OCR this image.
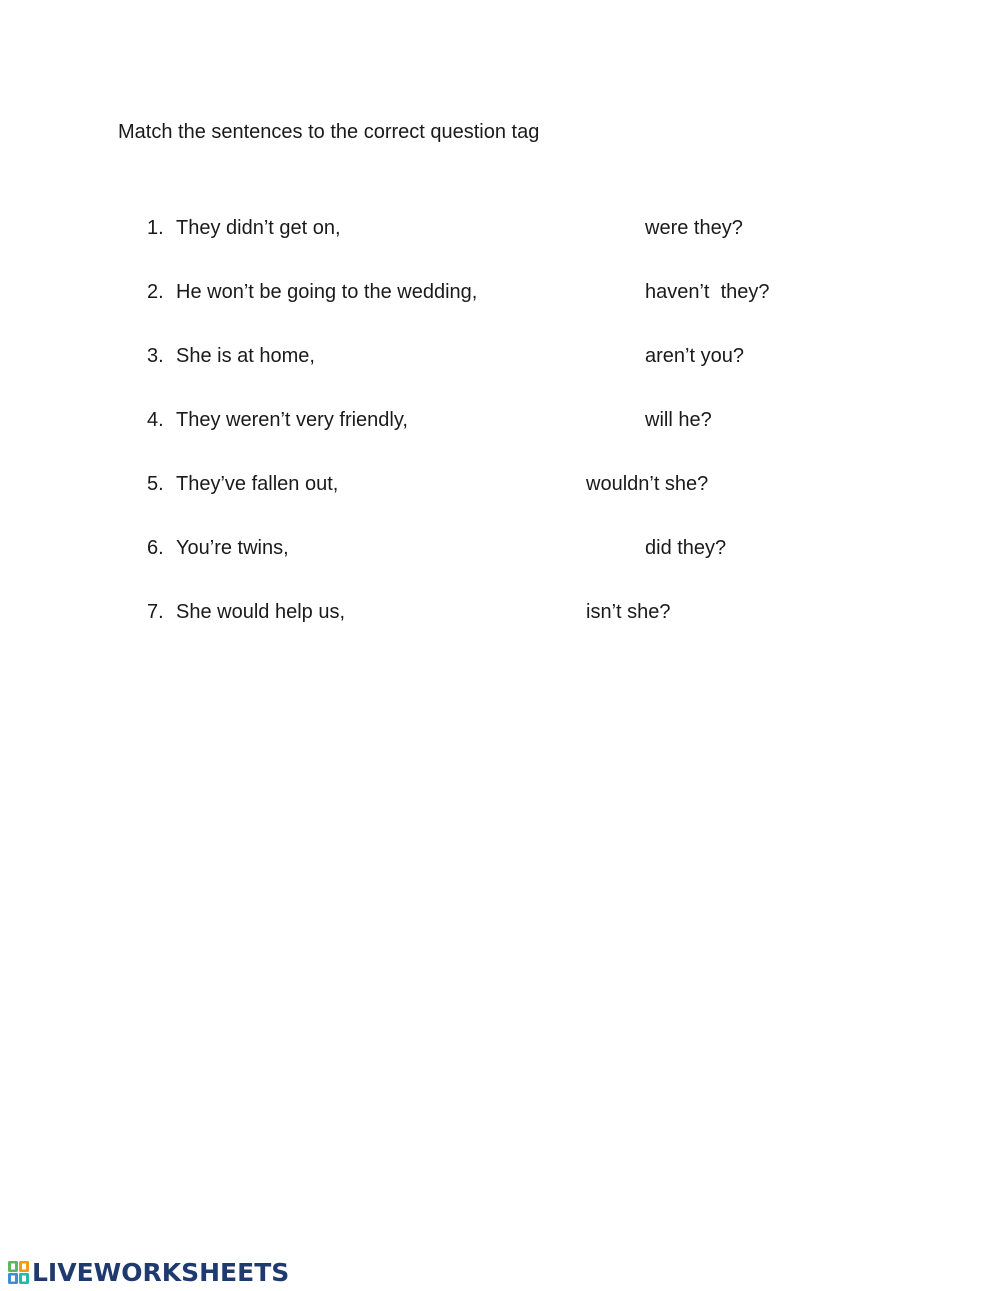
Match the sentences to the correct question tag
1. They didn’t get on,	were they?
2. He won’t be going to the wedding,	haven’t  they?
3. She is at home,	aren’t you?
4. They weren’t very friendly,	will he?
5. They’ve fallen out,	wouldn’t she?
6. You’re twins,	did they?
7. She would help us,	isn’t she?
LIVEWORKSHEETS
